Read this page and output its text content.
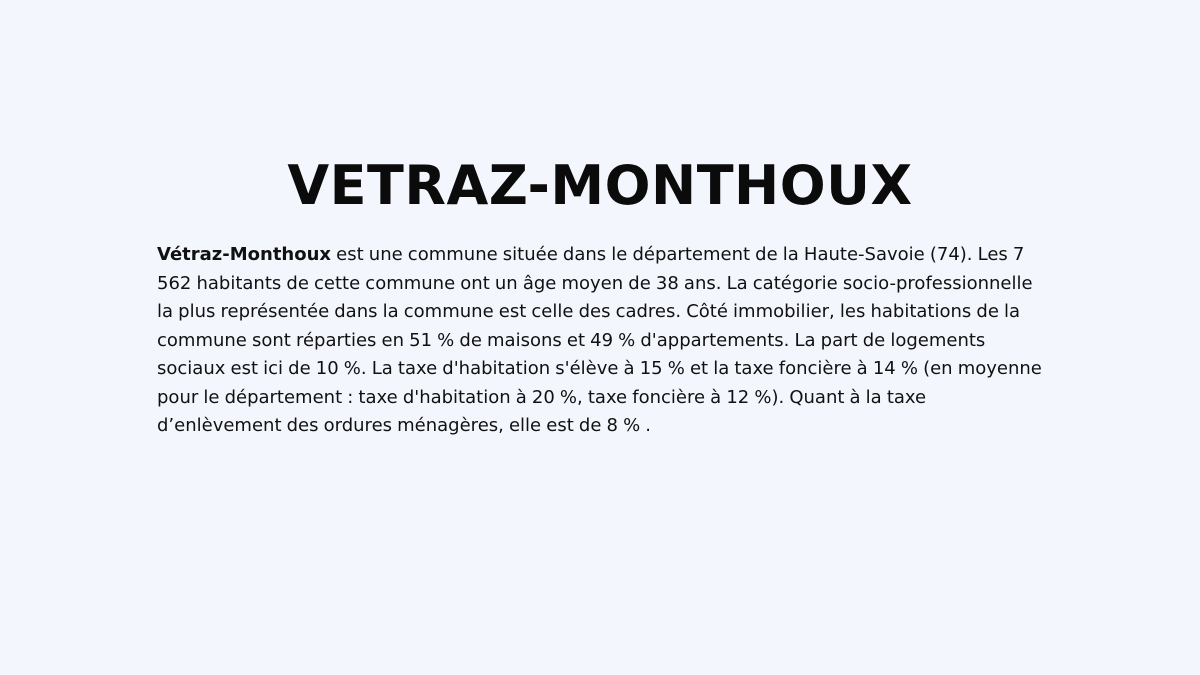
VETRAZ-MONTHOUX

Vétraz-Monthoux est une commune située dans le département de la Haute-Savoie (74). Les 7 562 habitants de cette commune ont un âge moyen de 38 ans. La catégorie socio-professionnelle la plus représentée dans la commune est celle des cadres. Côté immobilier, les habitations de la commune sont réparties en 51 % de maisons et 49 % d'appartements. La part de logements sociaux est ici de 10 %. La taxe d'habitation s'élève à 15 % et la taxe foncière à 14 % (en moyenne pour le département : taxe d'habitation à 20 %, taxe foncière à 12 %). Quant à la taxe d’enlèvement des ordures ménagères, elle est de 8 % .
